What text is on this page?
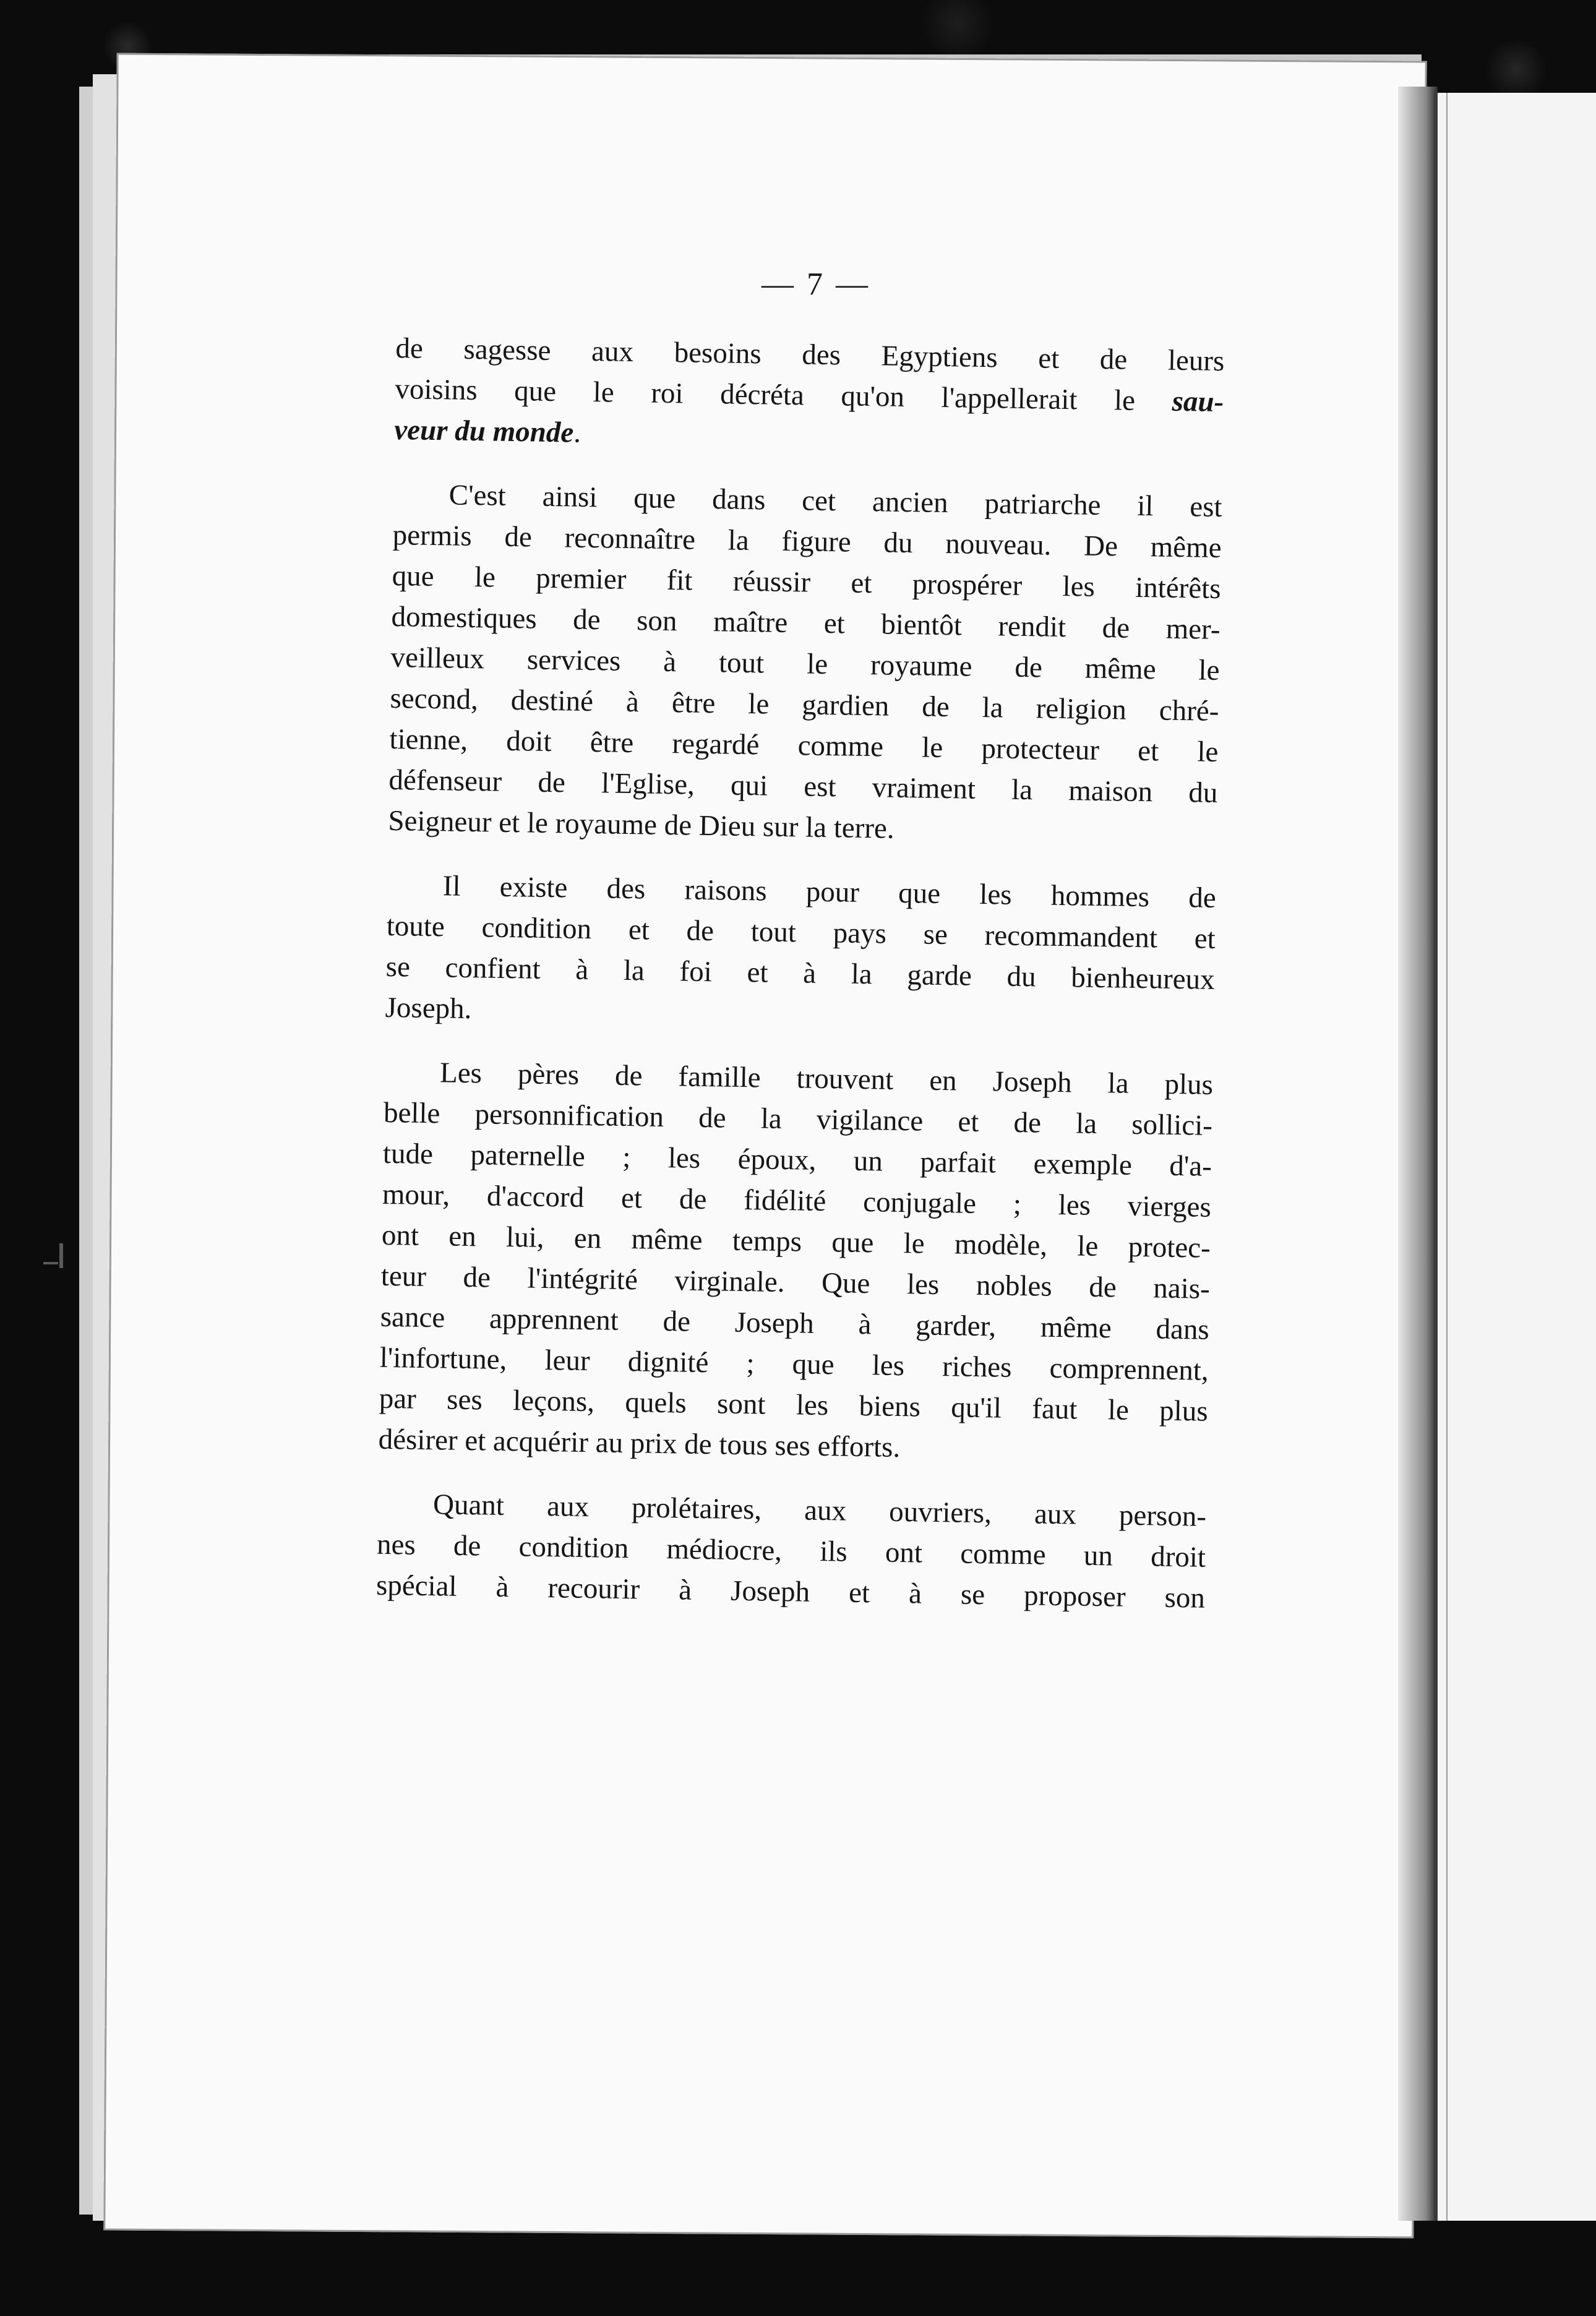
— 7 —
de sagesse aux besoins des Egyptiens et de leurs
voisins que le roi décréta qu'on l'appellerait le sau-
veur du monde.
C'est ainsi que dans cet ancien patriarche il est
permis de reconnaître la figure du nouveau. De même
que le premier fit réussir et prospérer les intérêts
domestiques de son maître et bientôt rendit de mer-
veilleux services à tout le royaume de même le
second, destiné à être le gardien de la religion chré-
tienne, doit être regardé comme le protecteur et le
défenseur de l'Eglise, qui est vraiment la maison du
Seigneur et le royaume de Dieu sur la terre.
Il existe des raisons pour que les hommes de
toute condition et de tout pays se recommandent et
se confient à la foi et à la garde du bienheureux
Joseph.
Les pères de famille trouvent en Joseph la plus
belle personnification de la vigilance et de la sollici-
tude paternelle ; les époux, un parfait exemple d'a-
mour, d'accord et de fidélité conjugale ; les vierges
ont en lui, en même temps que le modèle, le protec-
teur de l'intégrité virginale. Que les nobles de nais-
sance apprennent de Joseph à garder, même dans
l'infortune, leur dignité ; que les riches comprennent,
par ses leçons, quels sont les biens qu'il faut le plus
désirer et acquérir au prix de tous ses efforts.
Quant aux prolétaires, aux ouvriers, aux person-
nes de condition médiocre, ils ont comme un droit
spécial à recourir à Joseph et à se proposer son
